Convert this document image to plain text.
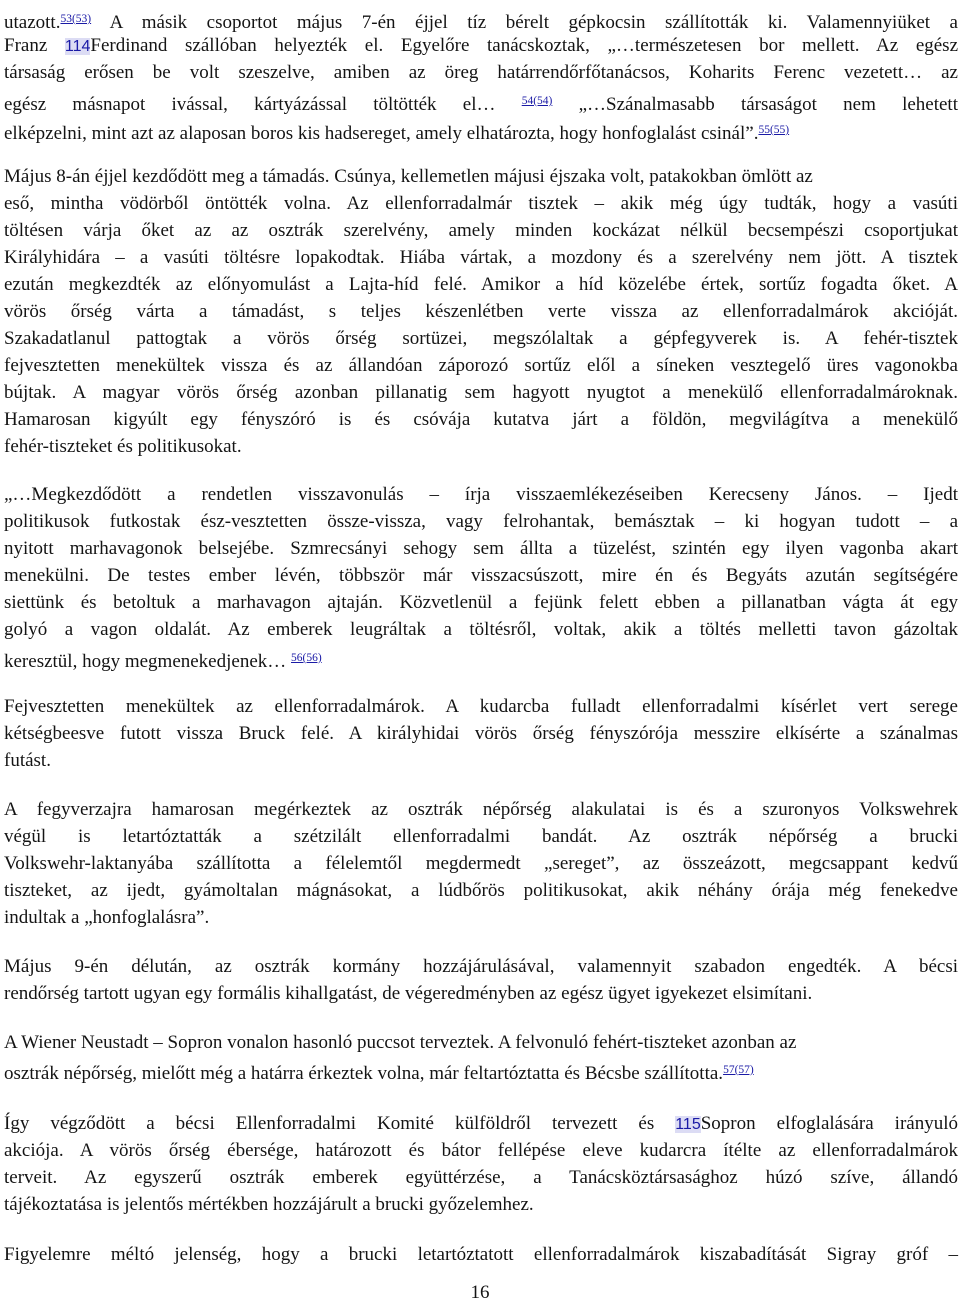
utazott.$^{53(53)}$ A másik csoportot május 7-én éjjel tíz bérelt gépkocsin szállították ki. Valamennyiüket a
Franz 114Ferdinand szállóban helyezték el. Egyelőre tanácskoztak, „…természetesen bor mellett. Az egész
társaság erősen be volt szeszelve, amiben az öreg határrendőrfőtanácsos, Koharits Ferenc vezetett… az
egész másnapot ivással, kártyázással töltötték el… $^{54(54)}$ „…Szánalmasabb társaságot nem lehetett
elképzelni, mint azt az alaposan boros kis hadsereget, amely elhatározta, hogy honfoglalást csinál”.$^{55(55)}$
Május 8-án éjjel kezdődött meg a támadás. Csúnya, kellemetlen májusi éjszaka volt, patakokban ömlött az
eső, mintha vödörből öntötték volna. Az ellenforradalmár tisztek – akik még úgy tudták, hogy a vasúti
töltésen várja őket az az osztrák szerelvény, amely minden kockázat nélkül becsempészi csoportjukat
Királyhidára – a vasúti töltésre lopakodtak. Hiába vártak, a mozdony és a szerelvény nem jött. A tisztek
ezután megkezdték az előnyomulást a Lajta-híd felé. Amikor a híd közelébe értek, sortűz fogadta őket. A
vörös őrség várta a támadást, s teljes készenlétben verte vissza az ellenforradalmárok akcióját.
Szakadatlanul pattogtak a vörös őrség sortüzei, megszólaltak a gépfegyverek is. A fehér-tisztek
fejvesztetten menekültek vissza és az állandóan záporozó sortűz elől a síneken vesztegelő üres vagonokba
bújtak. A magyar vörös őrség azonban pillanatig sem hagyott nyugtot a menekülő ellenforradalmároknak.
Hamarosan kigyúlt egy fényszóró is és csóvája kutatva járt a földön, megvilágítva a menekülő
fehér-tiszteket és politikusokat.
„…Megkezdődött a rendetlen visszavonulás – írja visszaemlékezéseiben Kerecseny János. – Ijedt
politikusok futkostak ész-vesztetten össze-vissza, vagy felrohantak, bemásztak – ki hogyan tudott – a
nyitott marhavagonok belsejébe. Szmrecsányi sehogy sem állta a tüzelést, szintén egy ilyen vagonba akart
menekülni. De testes ember lévén, többször már visszacsúszott, mire én és Begyáts azután segítségére
siettünk és betoltuk a marhavagon ajtaján. Közvetlenül a fejünk felett ebben a pillanatban vágta át egy
golyó a vagon oldalát. Az emberek leugráltak a töltésről, voltak, akik a töltés melletti tavon gázoltak
keresztül, hogy megmenekedjenek… $^{56(56)}$
Fejvesztetten menekültek az ellenforradalmárok. A kudarcba fulladt ellenforradalmi kísérlet vert serege
kétségbeesve futott vissza Bruck felé. A királyhidai vörös őrség fényszórója messzire elkísérte a szánalmas
futást.
A fegyverzajra hamarosan megérkeztek az osztrák népőrség alakulatai is és a szuronyos Volkswehrek
végül is letartóztatták a szétzilált ellenforradalmi bandát. Az osztrák népőrség a brucki
Volkswehr-laktanyába szállította a félelemtől megdermedt „sereget”, az összeázott, megcsappant kedvű
tiszteket, az ijedt, gyámoltalan mágnásokat, a lúdbőrös politikusokat, akik néhány órája még fenekedve
indultak a „honfoglalásra”.
Május 9-én délután, az osztrák kormány hozzájárulásával, valamennyit szabadon engedték. A bécsi
rendőrség tartott ugyan egy formális kihallgatást, de végeredményben az egész ügyet igyekezet elsimítani.
A Wiener Neustadt – Sopron vonalon hasonló puccsot terveztek. A felvonuló fehért-tiszteket azonban az
osztrák népőrség, mielőtt még a határra érkeztek volna, már feltartóztatta és Bécsbe szállította.$^{57(57)}$
Így végződött a bécsi Ellenforradalmi Komité külföldről tervezett és 115Sopron elfoglalására irányuló
akciója. A vörös őrség ébersége, határozott és bátor fellépése eleve kudarcra ítélte az ellenforradalmárok
terveit. Az egyszerű osztrák emberek együttérzése, a Tanácsköztársasághoz húzó szíve, állandó
tájékoztatása is jelentős mértékben hozzájárult a brucki győzelemhez.
Figyelemre méltó jelenség, hogy a brucki letartóztatott ellenforradalmárok kiszabadítását Sigray gróf –
16
